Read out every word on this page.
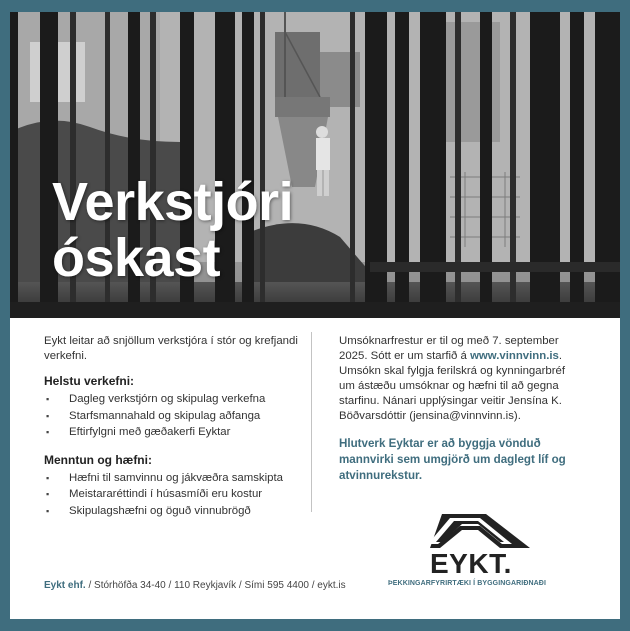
Verkstjóri
óskast

Eykt leitar að snjöllum verkstjóra í stór og krefjandi verkefni.

Helstu verkefni:
▪ Dagleg verkstjórn og skipulag verkefna
▪ Starfsmannahald og skipulag aðfanga
▪ Eftirfylgni með gæðakerfi Eyktar
Menntun og hæfni:
▪ Hæfni til samvinnu og jákvæðra samskipta
▪ Meistararéttindi í húsasmíði eru kostur
▪ Skipulagshæfni og öguð vinnubrögð
Umsóknarfrestur er til og með 7. september 2025. Sótt er um starfið á www.vinnvinn.is. Umsókn skal fylgja ferilskrá og kynningarbréf um ástæðu umsóknar og hæfni til að gegna starfinu. Nánari upplýsingar veitir Jensína K. Böðvarsdóttir (jensina@vinnvinn.is).
Hlutverk Eyktar er að byggja vönduð mannvirki sem umgjörð um daglegt líf og atvinnurekstur.
EYKT.
ÞEKKINGARFYRIRTÆKI Í BYGGINGARIÐNAÐI
Eykt ehf. / Stórhöfða 34-40 / 110 Reykjavík / Sími 595 4400 / eykt.is
